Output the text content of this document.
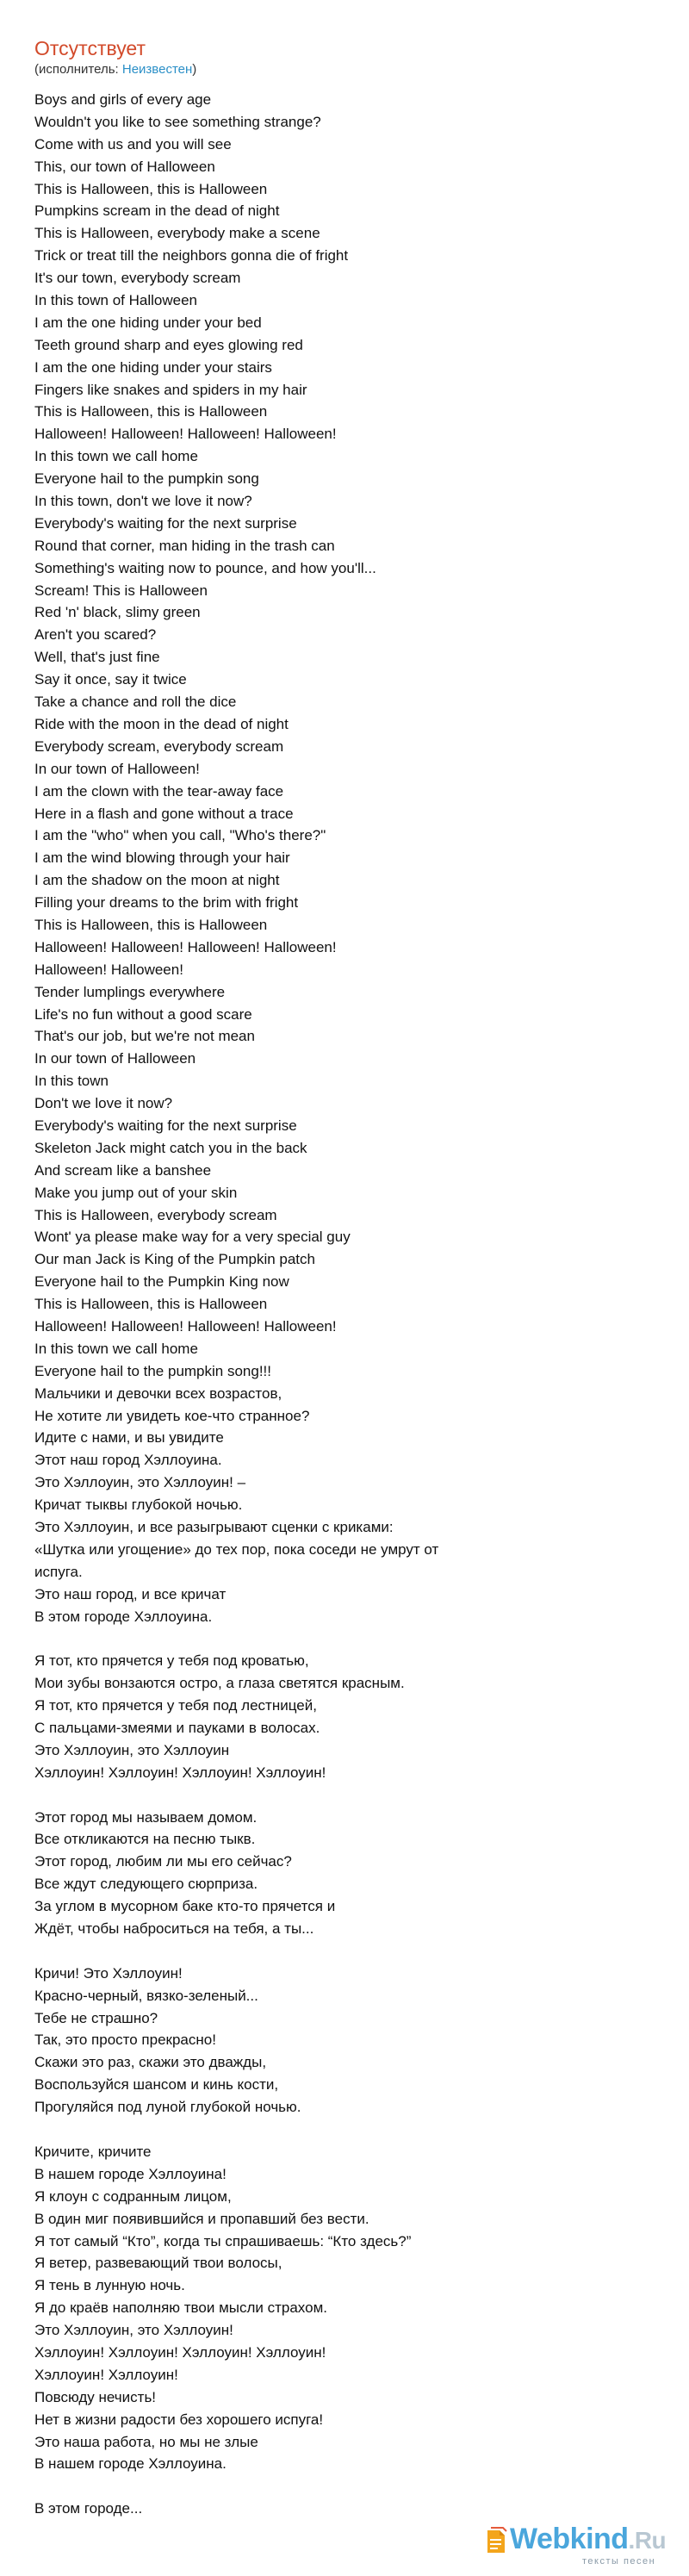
Отсутствует
(исполнитель: Неизвестен)
Boys and girls of every age
Wouldn't you like to see something strange?
Come with us and you will see
This, our town of Halloween
This is Halloween, this is Halloween
Pumpkins scream in the dead of night
This is Halloween, everybody make a scene
Trick or treat till the neighbors gonna die of fright
It's our town, everybody scream
In this town of Halloween
I am the one hiding under your bed
Teeth ground sharp and eyes glowing red
I am the one hiding under your stairs
Fingers like snakes and spiders in my hair
This is Halloween, this is Halloween
Halloween! Halloween! Halloween! Halloween!
In this town we call home
Everyone hail to the pumpkin song
In this town, don't we love it now?
Everybody's waiting for the next surprise
Round that corner, man hiding in the trash can
Something's waiting now to pounce, and how you'll...
Scream! This is Halloween
Red 'n' black, slimy green
Aren't you scared?
Well, that's just fine
Say it once, say it twice
Take a chance and roll the dice
Ride with the moon in the dead of night
Everybody scream, everybody scream
In our town of Halloween!
I am the clown with the tear-away face
Here in a flash and gone without a trace
I am the "who" when you call, "Who's there?"
I am the wind blowing through your hair
I am the shadow on the moon at night
Filling your dreams to the brim with fright
This is Halloween, this is Halloween
Halloween! Halloween! Halloween! Halloween!
Halloween! Halloween!
Tender lumplings everywhere
Life's no fun without a good scare
That's our job, but we're not mean
In our town of Halloween
In this town
Don't we love it now?
Everybody's waiting for the next surprise
Skeleton Jack might catch you in the back
And scream like a banshee
Make you jump out of your skin
This is Halloween, everybody scream
Wont' ya please make way for a very special guy
Our man Jack is King of the Pumpkin patch
Everyone hail to the Pumpkin King now
This is Halloween, this is Halloween
Halloween! Halloween! Halloween! Halloween!
In this town we call home
Everyone hail to the pumpkin song!!!
Мальчики и девочки всех возрастов,
Не хотите ли увидеть кое-что странное?
Идите с нами, и вы увидите
Этот наш город Хэллоуина.
Это Хэллоуин, это Хэллоуин! –
Кричат тыквы глубокой ночью.
Это Хэллоуин, и все разыгрывают сценки с криками:
«Шутка или угощение» до тех пор, пока соседи не умрут от
испуга.
Это наш город, и все кричат
В этом городе Хэллоуина.
Я тот, кто прячется у тебя под кроватью,
Мои зубы вонзаются остро, а глаза светятся красным.
Я тот, кто прячется у тебя под лестницей,
С пальцами-змеями и пауками в волосах.
Это Хэллоуин, это Хэллоуин
Хэллоуин! Хэллоуин! Хэллоуин! Хэллоуин!
Этот город мы называем домом.
Все откликаются на песню тыкв.
Этот город, любим ли мы его сейчас?
Все ждут следующего сюрприза.
За углом в мусорном баке кто-то прячется и
Ждёт, чтобы наброситься на тебя, а ты...
Кричи! Это Хэллоуин!
Красно-черный, вязко-зеленый...
Тебе не страшно?
Так, это просто прекрасно!
Скажи это раз, скажи это дважды,
Воспользуйся шансом и кинь кости,
Прогуляйся под луной глубокой ночью.
Кричите, кричите
В нашем городе Хэллоуина!
Я клоун с содранным лицом,
В один миг появившийся и пропавший без вести.
Я тот самый “Кто”, когда ты спрашиваешь: “Кто здесь?”
Я ветер, развевающий твои волосы,
Я тень в лунную ночь.
Я до краёв наполняю твои мысли страхом.
Это Хэллоуин, это Хэллоуин!
Хэллоуин! Хэллоуин! Хэллоуин! Хэллоуин!
Хэллоуин! Хэллоуин!
Повсюду нечисть!
Нет в жизни радости без хорошего испуга!
Это наша работа, но мы не злые
В нашем городе Хэллоуина.
В этом городе...
Webkind.Ru
тексты песен
